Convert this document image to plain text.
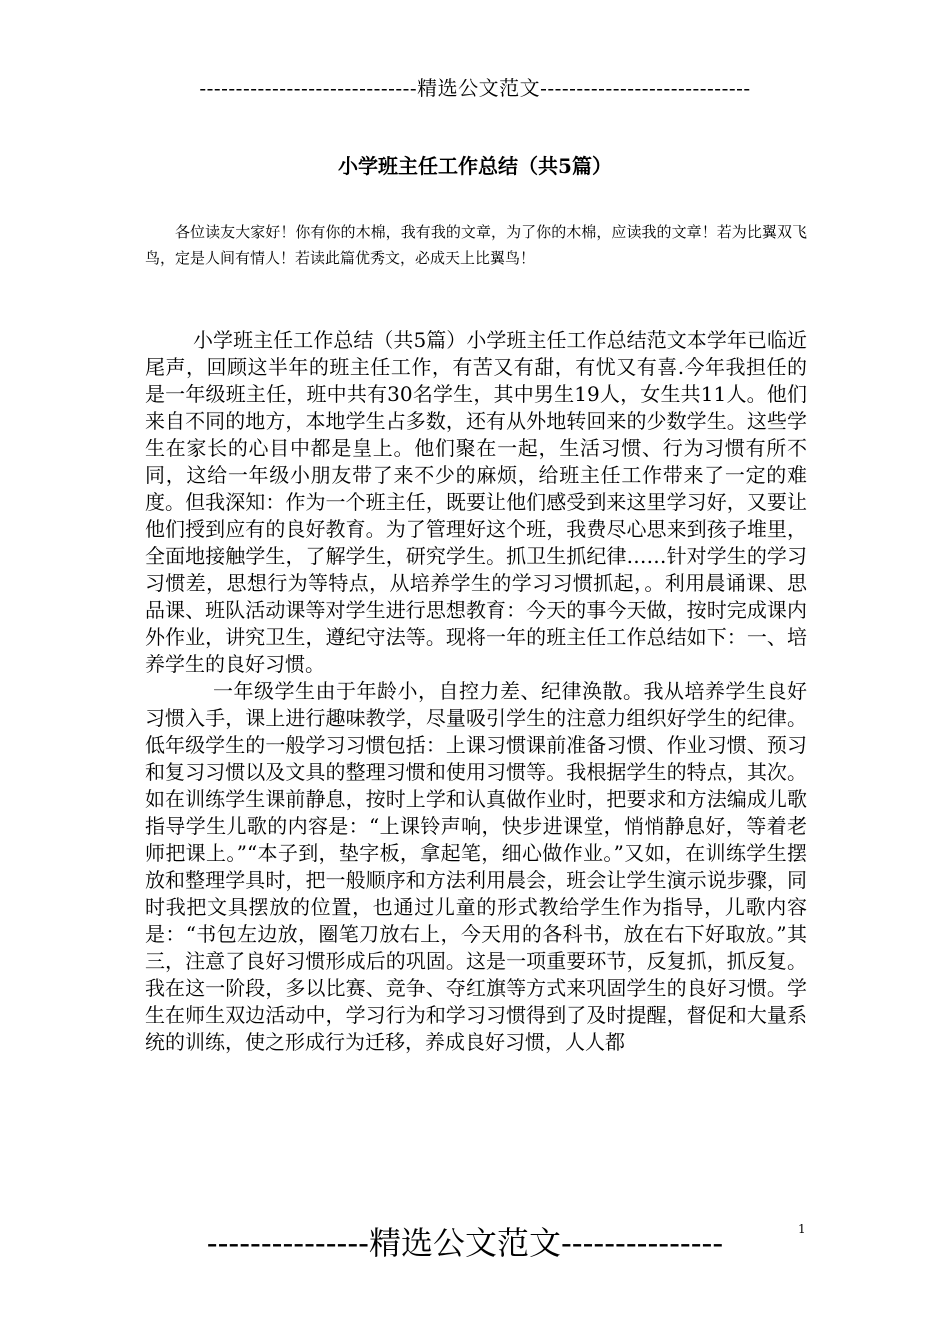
------------------------------精选公文范文-----------------------------
小学班主任工作总结（共5篇）
各位读友大家好！你有你的木棉，我有我的文章，为了你的木棉，应读我的文章！若为比翼双飞鸟，定是人间有情人！若读此篇优秀文，必成天上比翼鸟！

小学班主任工作总结（共5篇）小学班主任工作总结范文本学年已临近尾声，回顾这半年的班主任工作，有苦又有甜，有忧又有喜.今年我担任的是一年级班主任，班中共有30名学生，其中男生19人，女生共11人。他们来自不同的地方，本地学生占多数，还有从外地转回来的少数学生。这些学生在家长的心目中都是皇上。他们聚在一起，生活习惯、行为习惯有所不同，这给一年级小朋友带了来不少的麻烦，给班主任工作带来了一定的难度。但我深知：作为一个班主任，既要让他们感受到来这里学习好，又要让他们授到应有的良好教育。为了管理好这个班，我费尽心思来到孩子堆里，全面地接触学生，了解学生，研究学生。抓卫生抓纪律……针对学生的学习习惯差，思想行为等特点，从培养学生的学习习惯抓起，。利用晨诵课、思品课、班队活动课等对学生进行思想教育：今天的事今天做，按时完成课内外作业，讲究卫生，遵纪守法等。现将一年的班主任工作总结如下：一、培养学生的良好习惯。

一年级学生由于年龄小，自控力差、纪律涣散。我从培养学生良好习惯入手，课上进行趣味教学，尽量吸引学生的注意力组织好学生的纪律。低年级学生的一般学习习惯包括：上课习惯课前准备习惯、作业习惯、预习和复习习惯以及文具的整理习惯和使用习惯等。我根据学生的特点，其次。如在训练学生课前静息，按时上学和认真做作业时，把要求和方法编成儿歌指导学生儿歌的内容是：“上课铃声响，快步进课堂，悄悄静息好，等着老师把课上。”“本子到，垫字板，拿起笔，细心做作业。”又如，在训练学生摆放和整理学具时，把一般顺序和方法利用晨会，班会让学生演示说步骤，同时我把文具摆放的位置，也通过儿童的形式教给学生作为指导，儿歌内容是：“书包左边放，圈笔刀放右上，今天用的各科书，放在右下好取放。”其三，注意了良好习惯形成后的巩固。这是一项重要环节，反复抓，抓反复。我在这一阶段，多以比赛、竞争、夺红旗等方式来巩固学生的良好习惯。学生在师生双边活动中，学习行为和学习习惯得到了及时提醒，督促和大量系统的训练，使之形成行为迁移，养成良好习惯，人人都

---------------精选公文范文---------------	1
